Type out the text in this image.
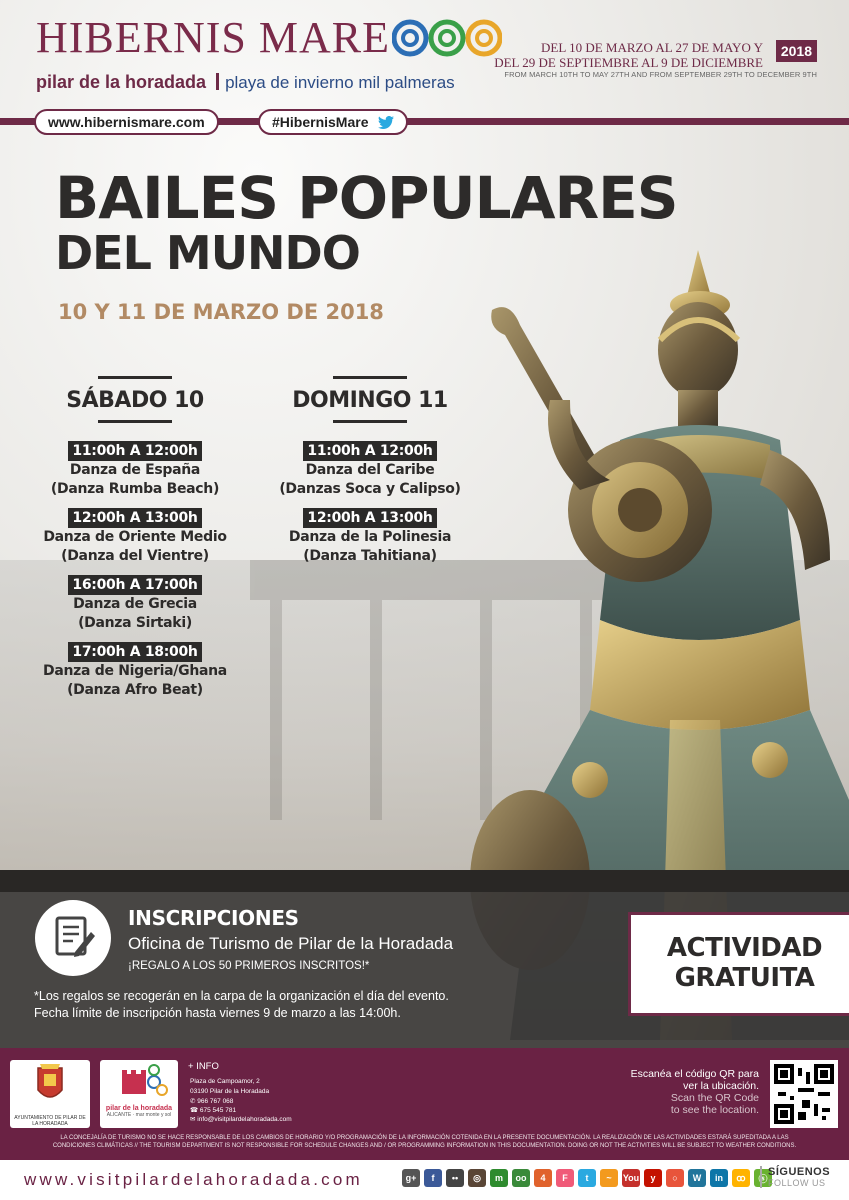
HIBERNIS MARE
pilar de la horadada playa de invierno mil palmeras
DEL 10 DE MARZO AL 27 DE MAYO Y
DEL 29 DE SEPTIEMBRE AL 9 DE DICIEMBRE
2018
FROM MARCH 10TH TO MAY 27TH AND FROM SEPTEMBER 29TH TO DECEMBER 9TH
www.hibernismare.com	#HibernisMare
BAILES POPULARES
DEL MUNDO
10 Y 11 DE MARZO DE 2018
SÁBADO 10
11:00h A 12:00h
Danza de España
(Danza Rumba Beach)
12:00h A 13:00h
Danza de Oriente Medio
(Danza del Vientre)
16:00h A 17:00h
Danza de Grecia
(Danza Sirtaki)
17:00h A 18:00h
Danza de Nigeria/Ghana
(Danza Afro Beat)
DOMINGO 11
11:00h A 12:00h
Danza del Caribe
(Danzas Soca y Calipso)
12:00h A 13:00h
Danza de la Polinesia
(Danza Tahitiana)
INSCRIPCIONES
Oficina de Turismo de Pilar de la Horadada
¡REGALO A LOS 50 PRIMEROS INSCRITOS!*
*Los regalos se recogerán en la carpa de la organización el día del evento.
Fecha límite de inscripción hasta viernes 9 de marzo a las 14:00h.
ACTIVIDAD
GRATUITA
AYUNTAMIENTO DE PILAR DE LA HORADADA
pilar de la horadada
ALICANTE · mar monte y sol
+ INFO
Plaza de Campoamor, 2
03190 Pilar de la Horadada
✆ 966 767 068
☎ 675 545 781
✉ info@visitpilardelahoradada.com
Escanéa el código QR para
ver la ubicación.
Scan the QR Code
to see the location.
LA CONCEJALÍA DE TURISMO NO SE HACE RESPONSABLE DE LOS CAMBIOS DE HORARIO Y/O PROGRAMACIÓN DE LA INFORMACIÓN COTENIDA EN LA PRESENTE DOCUMENTACIÓN. LA REALIZACIÓN DE LAS ACTIVIDADES ESTARÁ SUPEDITADA A LAS
CONDICIONES CLIMÁTICAS // THE TOURISM DEPARTMENT IS NOT RESPONSIBLE FOR SCHEDULE CHANGES AND / OR PROGRAMMING INFORMATION IN THIS DOCUMENTATION. DOING OR NOT THE ACTIVITIES WILL BE SUBJECT TO WEATHER CONDITIONS.
www.visitpilardelahoradada.com	g+	f	••	◎	m	oo	4	F	t	~	You	y	○	W	in	ꝏ	ⓢ
SÍGUENOS
FOLLOW US
